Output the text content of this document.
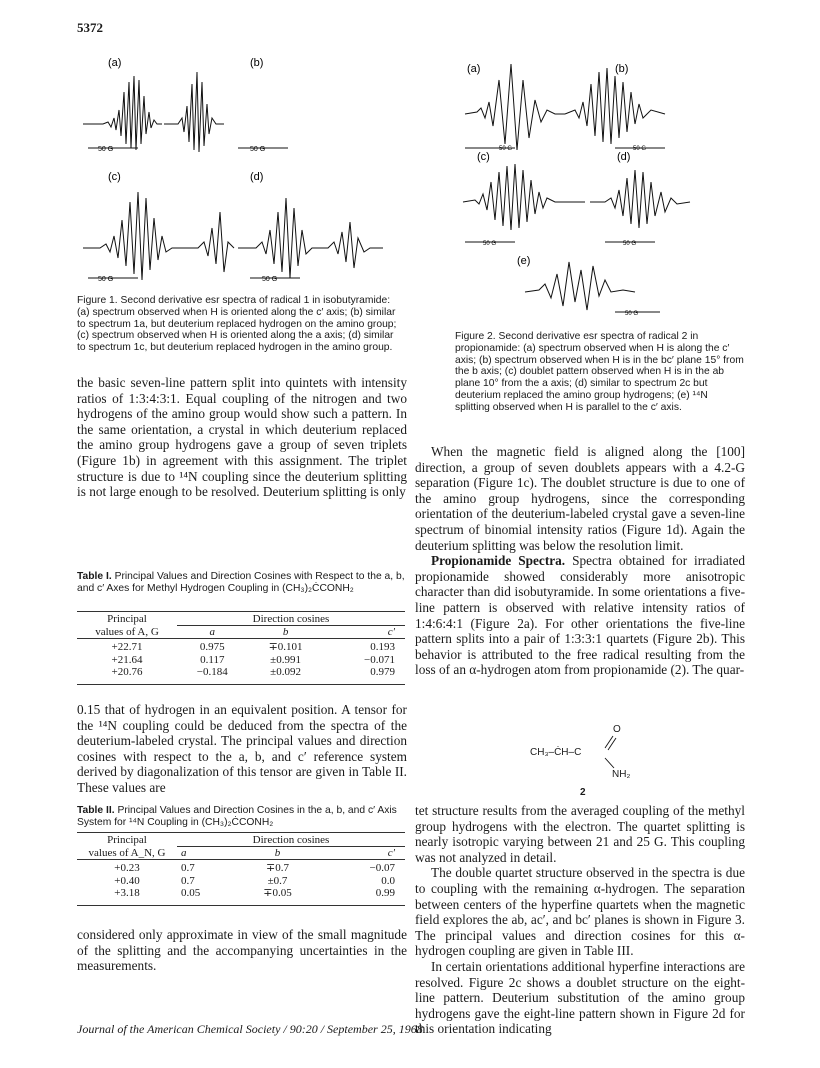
5372
(a)	(b)
(c)	(d)
50 G	50 G
50 G	50 G
Figure 1. Second derivative esr spectra of radical 1 in isobutyramide: (a) spectrum observed when H is oriented along the c′ axis; (b) similar to spectrum 1a, but deuterium replaced hydrogen on the amino group; (c) spectrum observed when H is oriented along the a axis; (d) similar to spectrum 1c, but deuterium replaced hydrogen in the amino group.
(a)	(b)
(c)	(d)
(e)
50 G	50 G
50 G	50 G
50 G
Figure 2. Second derivative esr spectra of radical 2 in propionamide: (a) spectrum observed when H is along the c′ axis; (b) spectrum observed when H is in the bc′ plane 15° from the b axis; (c) doublet pattern observed when H is in the ab plane 10° from the a axis; (d) similar to spectrum 2c but deuterium replaced the amino group hydrogens; (e) ¹⁴N splitting observed when H is parallel to the c′ axis.

the basic seven-line pattern split into quintets with intensity ratios of 1:3:4:3:1. Equal coupling of the nitrogen and two hydrogens of the amino group would show such a pattern. In the same orientation, a crystal in which deuterium replaced the amino group hydrogens gave a group of seven triplets (Figure 1b) in agreement with this assignment. The triplet structure is due to ¹⁴N coupling since the deuterium splitting is not large enough to be resolved. Deuterium splitting is only

Table I. Principal Values and Direction Cosines with Respect to the a, b, and c′ Axes for Methyl Hydrogen Coupling in (CH₃)₂ĊCONH₂
Principal	Direction cosines		
values of A, G	a	b	c′

+22.71	0.975	∓0.101	0.193
+21.64	0.117	±0.991	−0.071
+20.76	−0.184	±0.092	0.979

0.15 that of hydrogen in an equivalent position. A tensor for the ¹⁴N coupling could be deduced from the spectra of the deuterium-labeled crystal. The principal values and direction cosines with respect to the a, b, and c′ reference system derived by diagonalization of this tensor are given in Table II. These values are

Table II. Principal Values and Direction Cosines in the a, b, and c′ Axis System for ¹⁴N Coupling in (CH₃)₂ĊCONH₂
Principal	Direction cosines		
values of A_N, G	a	b	c′

+0.23	0.7	∓0.7	−0.07
+0.40	0.7	±0.7	0.0
+3.18	0.05	∓0.05	0.99

considered only approximate in view of the small magnitude of the splitting and the accompanying uncertainties in the measurements.

When the magnetic field is aligned along the [100] direction, a group of seven doublets appears with a 4.2-G separation (Figure 1c). The doublet structure is due to one of the amino group hydrogens, since the corresponding orientation of the deuterium-labeled crystal gave a seven-line spectrum of binomial intensity ratios (Figure 1d). Again the deuterium splitting was below the resolution limit.

Propionamide Spectra. Spectra obtained for irradiated propionamide showed considerably more anisotropic character than did isobutyramide. In some orientations a five-line pattern is observed with relative intensity ratios of 1:4:6:4:1 (Figure 2a). For other orientations the five-line pattern splits into a pair of 1:3:3:1 quartets (Figure 2b). This behavior is attributed to the free radical resulting from the loss of an α-hydrogen atom from propionamide (2). The quar-

O
CH₃–ĊH–C
NH₂
2

tet structure results from the averaged coupling of the methyl group hydrogens with the electron. The quartet splitting is nearly isotropic varying between 21 and 25 G. This coupling was not analyzed in detail.

The double quartet structure observed in the spectra is due to coupling with the remaining α-hydrogen. The separation between centers of the hyperfine quartets when the magnetic field explores the ab, ac′, and bc′ planes is shown in Figure 3. The principal values and direction cosines for this α-hydrogen coupling are given in Table III.

In certain orientations additional hyperfine interactions are resolved. Figure 2c shows a doublet structure on the eight-line pattern. Deuterium substitution of the amino group hydrogens gave the eight-line pattern shown in Figure 2d for this orientation indicating

Journal of the American Chemical Society / 90:20 / September 25, 1968
